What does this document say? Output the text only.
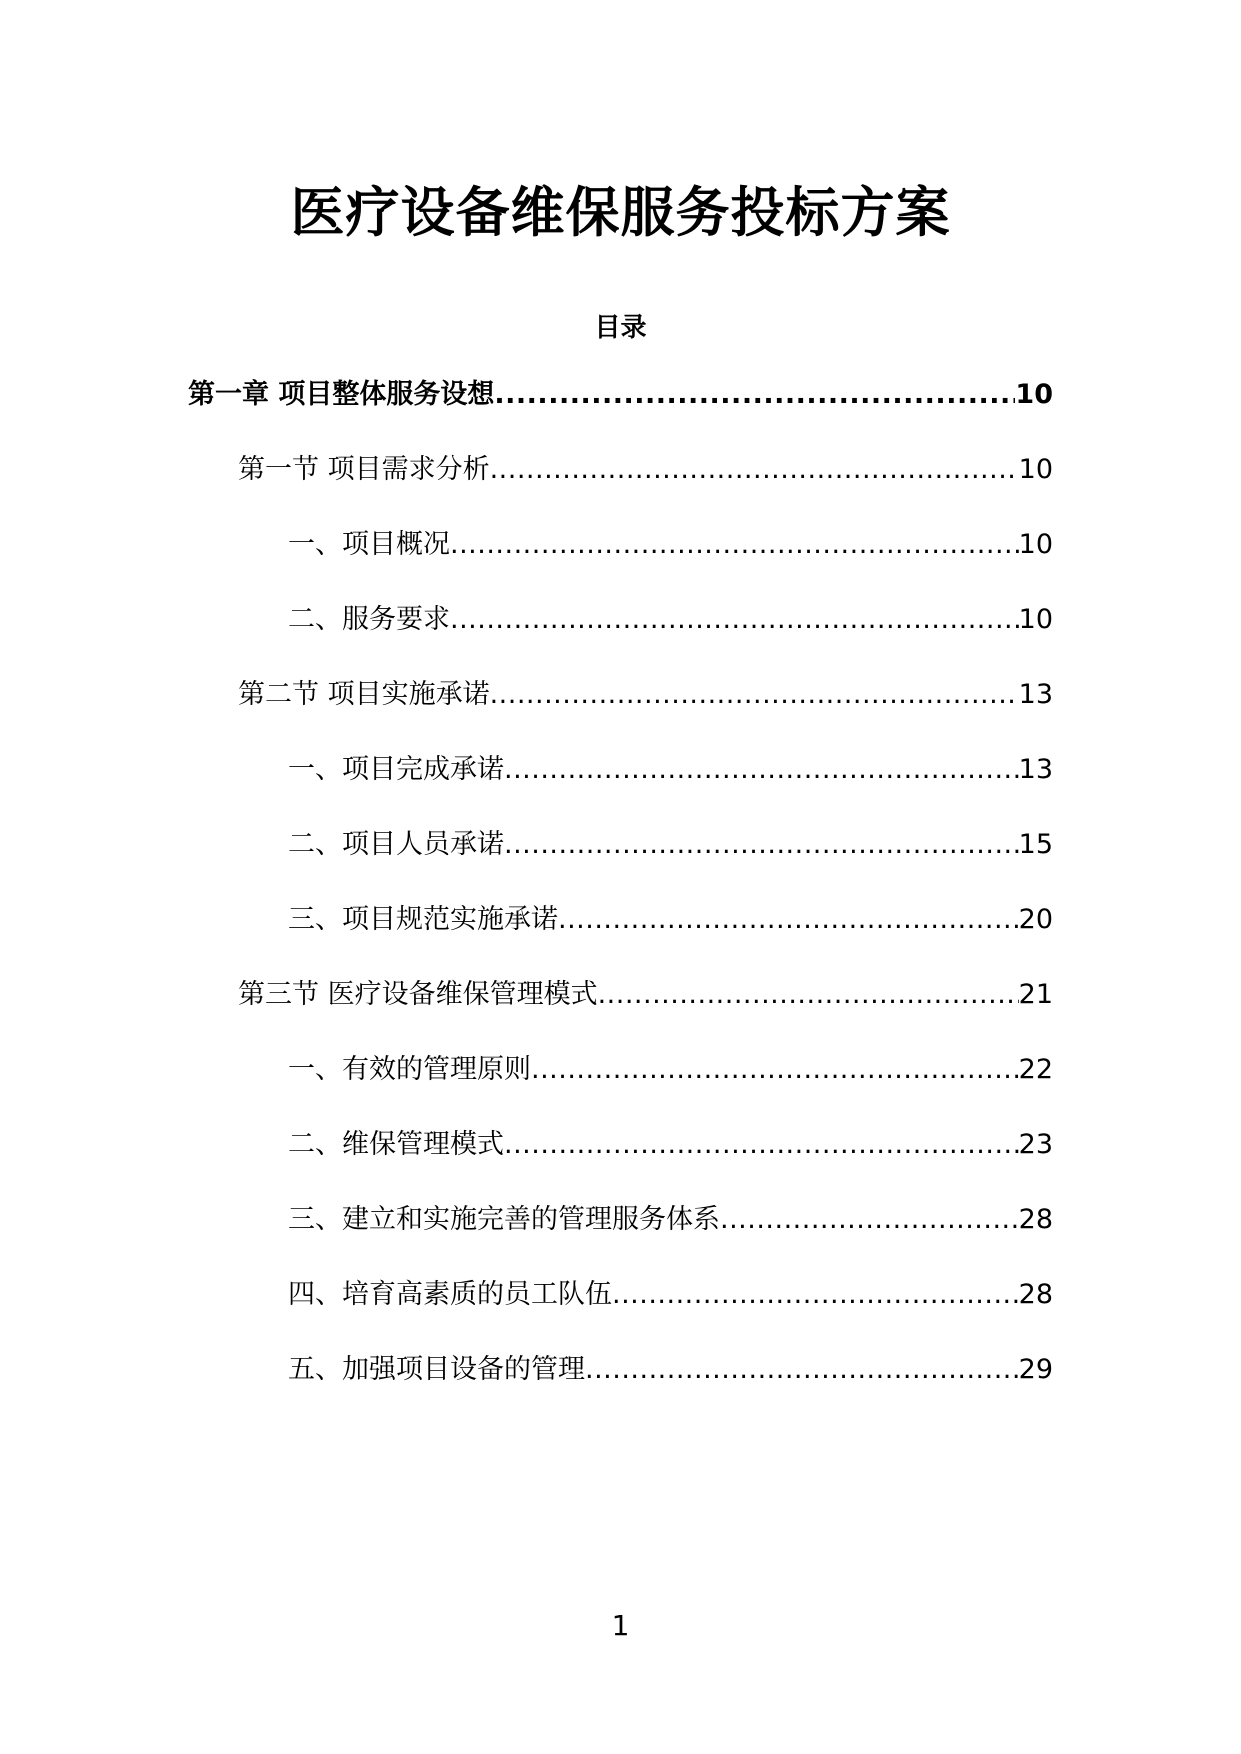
医疗设备维保服务投标方案
目录
第一章 项目整体服务设想 .....	10
第一节 项目需求分析 .....	10
一、项目概况 .....	10
二、服务要求 .....	10
第二节 项目实施承诺 .....	13
一、项目完成承诺 .....	13
二、项目人员承诺 .....	15
三、项目规范实施承诺 .....	20
第三节 医疗设备维保管理模式 .....	21
一、有效的管理原则 .....	22
二、维保管理模式 .....	23
三、建立和实施完善的管理服务体系 .....	28
四、培育高素质的员工队伍 .....	28
五、加强项目设备的管理 .....	29
1
